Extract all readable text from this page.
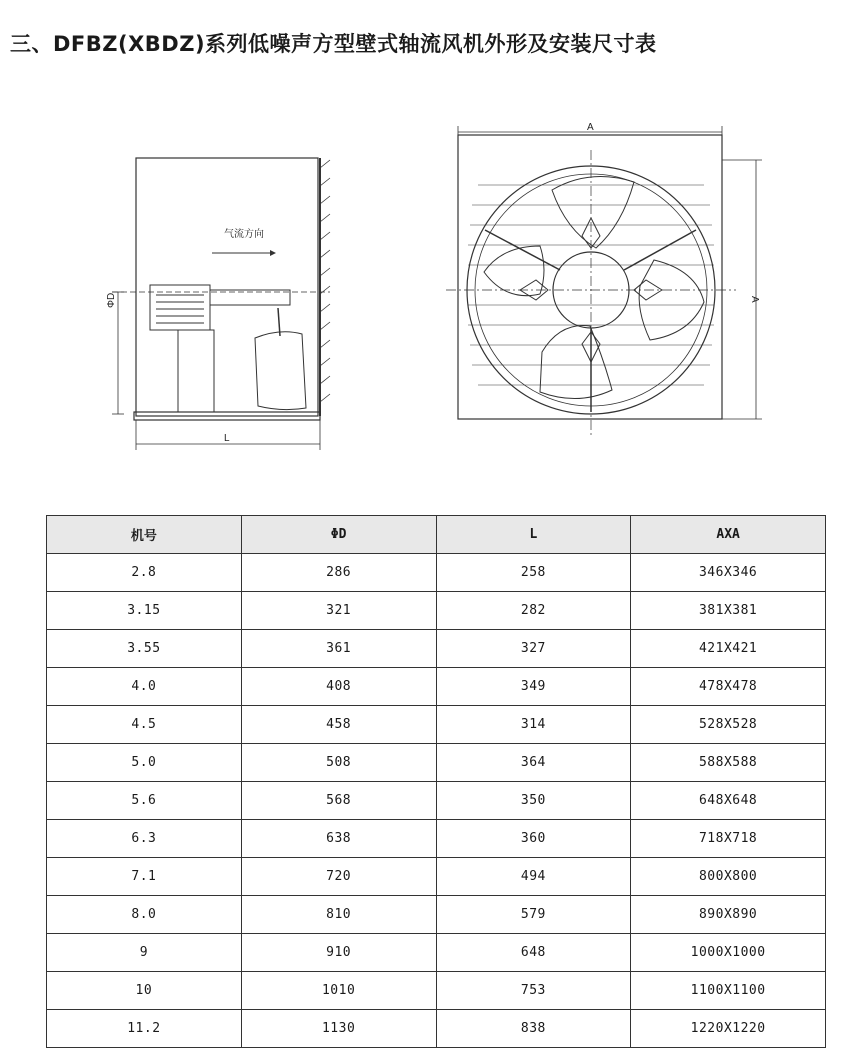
三、DFBZ(XBDZ)系列低噪声方型壁式轴流风机外形及安装尺寸表
气流方向
ΦD
L
A
A
机号	ΦD	L	AXA
2.8	286	258	346X346
3.15	321	282	381X381
3.55	361	327	421X421
4.0	408	349	478X478
4.5	458	314	528X528
5.0	508	364	588X588
5.6	568	350	648X648
6.3	638	360	718X718
7.1	720	494	800X800
8.0	810	579	890X890
9	910	648	1000X1000
10	1010	753	1100X1100
11.2	1130	838	1220X1220
